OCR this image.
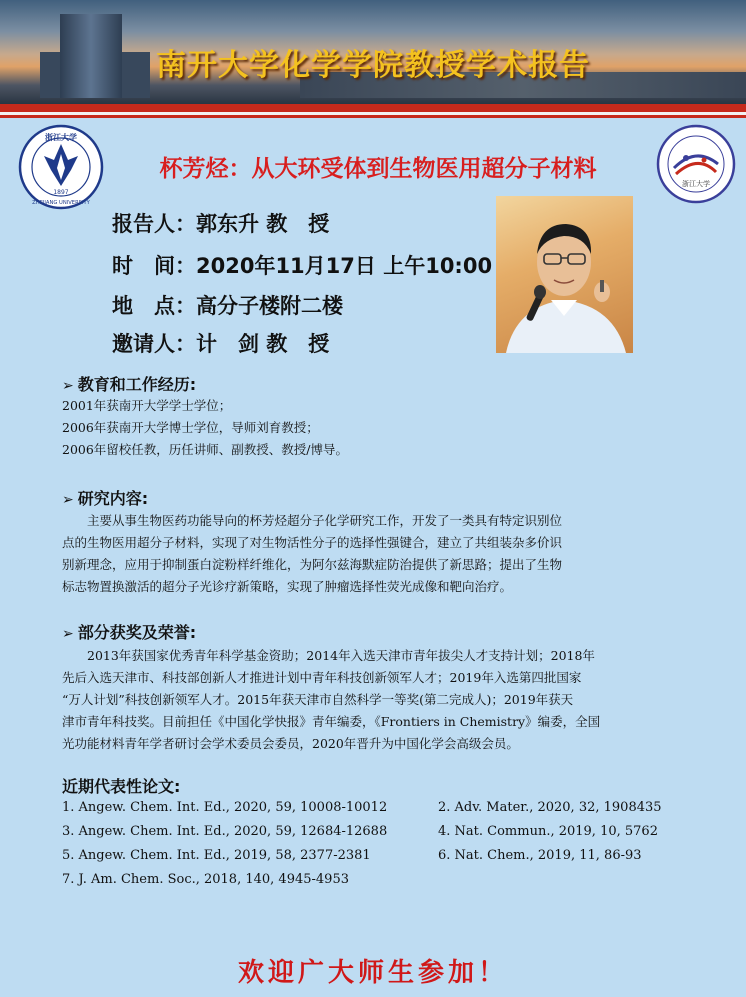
南开大学化学学院教授学术报告
浙江大学
1897
ZHEJIANG UNIVERSITY
浙江大学
杯芳烃：从大环受体到生物医用超分子材料
报告人：郭东升 教　授
时　间：2020年11月17日 上午10:00
地　点：高分子楼附二楼
邀请人：计　剑 教　授
➢ 教育和工作经历:
2001年获南开大学学士学位；
2006年获南开大学博士学位，导师刘育教授；
2006年留校任教，历任讲师、副教授、教授/博导。
➢ 研究内容:
　　主要从事生物医药功能导向的杯芳烃超分子化学研究工作，开发了一类具有特定识别位
点的生物医用超分子材料，实现了对生物活性分子的选择性强键合，建立了共组装杂多价识
别新理念，应用于抑制蛋白淀粉样纤维化，为阿尔兹海默症防治提供了新思路；提出了生物
标志物置换激活的超分子光诊疗新策略，实现了肿瘤选择性荧光成像和靶向治疗。
➢ 部分获奖及荣誉:
　　2013年获国家优秀青年科学基金资助；2014年入选天津市青年拔尖人才支持计划；2018年
先后入选天津市、科技部创新人才推进计划中青年科技创新领军人才；2019年入选第四批国家
“万人计划”科技创新领军人才。2015年获天津市自然科学一等奖(第二完成人)；2019年获天
津市青年科技奖。目前担任《中国化学快报》青年编委，《Frontiers in Chemistry》编委，全国
光功能材料青年学者研讨会学术委员会委员，2020年晋升为中国化学会高级会员。
近期代表性论文:
1. Angew. Chem. Int. Ed., 2020, 59, 10008-10012	2. Adv. Mater., 2020, 32, 1908435
3. Angew. Chem. Int. Ed., 2020, 59, 12684-12688	4. Nat. Commun., 2019, 10, 5762
5. Angew. Chem. Int. Ed., 2019, 58, 2377-2381	6. Nat. Chem., 2019, 11, 86-93
7. J. Am. Chem. Soc., 2018, 140, 4945-4953
欢迎广大师生参加！
